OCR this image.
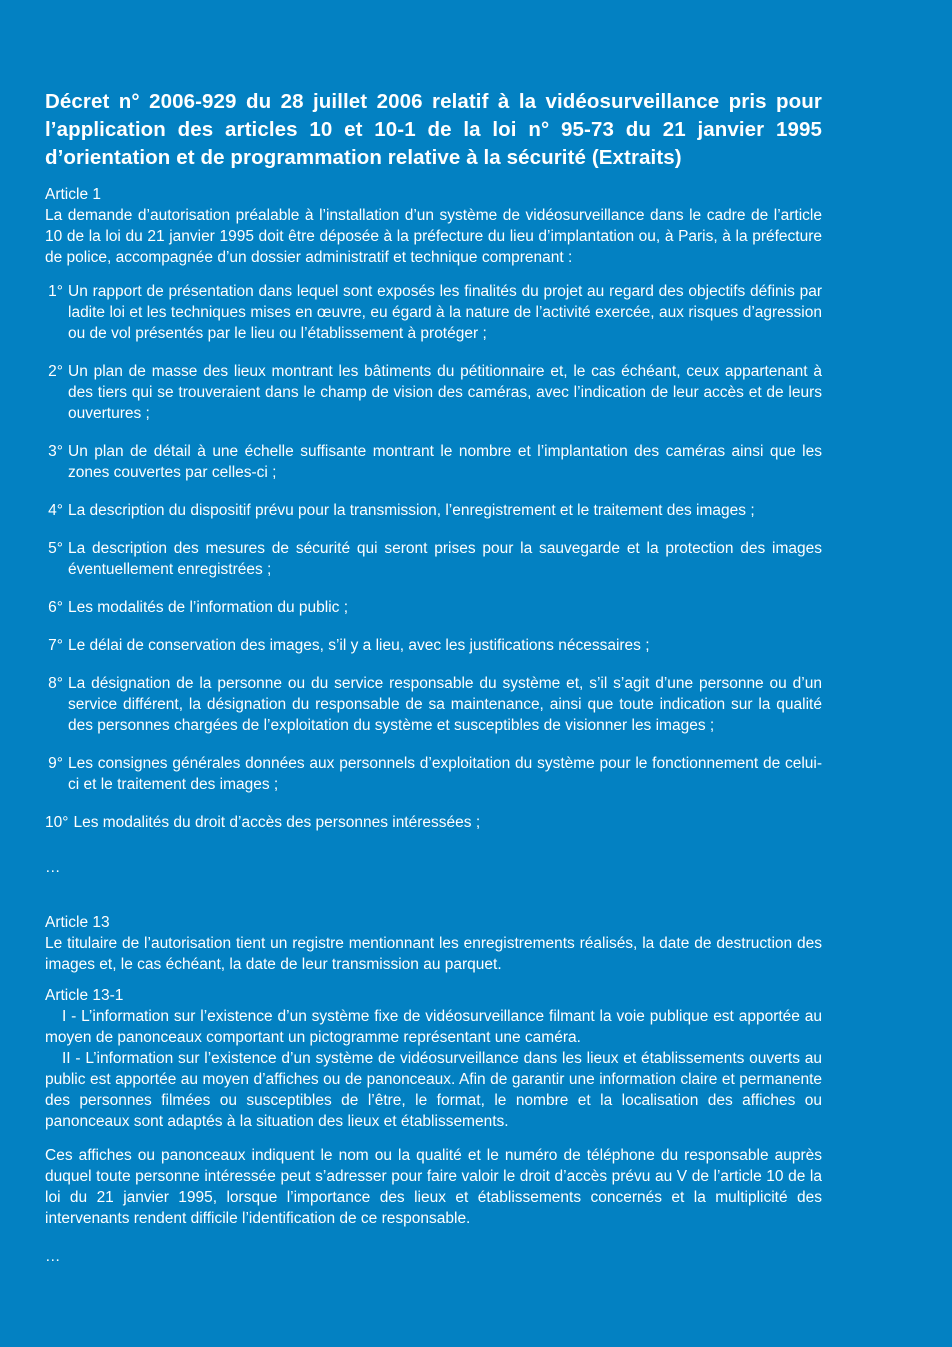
Décret n° 2006-929 du 28 juillet 2006 relatif à la vidéosurveillance pris pour l’application des articles 10 et 10-1 de la loi n° 95-73 du 21 janvier 1995 d’orientation et de programmation relative à la sécurité (Extraits)
Article 1

La demande d’autorisation préalable à l’installation d’un système de vidéosurveillance dans le cadre de l’article 10 de la loi du 21 janvier 1995 doit être déposée à la préfecture du lieu d’implantation ou, à Paris, à la préfecture de police, accompagnée d’un dossier administratif et technique comprenant :

1° Un rapport de présentation dans lequel sont exposés les finalités du projet au regard des objectifs définis par ladite loi et les techniques mises en œuvre, eu égard à la nature de l’activité exercée, aux risques d’agression ou de vol présentés par le lieu ou l’établissement à protéger ;
2° Un plan de masse des lieux montrant les bâtiments du pétitionnaire et, le cas échéant, ceux appartenant à des tiers qui se trouveraient dans le champ de vision des caméras, avec l’indication de leur accès et de leurs ouvertures ;
3° Un plan de détail à une échelle suffisante montrant le nombre et l’implantation des caméras ainsi que les zones couvertes par celles-ci ;
4° La description du dispositif prévu pour la transmission, l’enregistrement et le traitement des images ;
5° La description des mesures de sécurité qui seront prises pour la sauvegarde et la protection des images éventuellement enregistrées ;
6° Les modalités de l’information du public ;
7° Le délai de conservation des images, s’il y a lieu, avec les justifications nécessaires ;
8° La désignation de la personne ou du service responsable du système et, s’il s’agit d’une personne ou d’un service différent, la désignation du responsable de sa maintenance, ainsi que toute indication sur la qualité des personnes chargées de l’exploitation du système et susceptibles de visionner les images ;
9° Les consignes générales données aux personnels d’exploitation du système pour le fonctionnement de celui-ci et le traitement des images ;
10° Les modalités du droit d’accès des personnes intéressées ;
…
Article 13

Le titulaire de l’autorisation tient un registre mentionnant les enregistrements réalisés, la date de destruction des images et, le cas échéant, la date de leur transmission au parquet.

Article 13-1

I - L’information sur l’existence d’un système fixe de vidéosurveillance filmant la voie publique est apportée au moyen de panonceaux comportant un pictogramme représentant une caméra.

II - L’information sur l’existence d’un système de vidéosurveillance dans les lieux et établissements ouverts au public est apportée au moyen d’affiches ou de panonceaux. Afin de garantir une information claire et permanente des personnes filmées ou susceptibles de l’être, le format, le nombre et la localisation des affiches ou panonceaux sont adaptés à la situation des lieux et établissements.

Ces affiches ou panonceaux indiquent le nom ou la qualité et le numéro de téléphone du responsable auprès duquel toute personne intéressée peut s’adresser pour faire valoir le droit d’accès prévu au V de l’article 10 de la loi du 21 janvier 1995, lorsque l’importance des lieux et établissements concernés et la multiplicité des intervenants rendent difficile l’identification de ce responsable.

…
